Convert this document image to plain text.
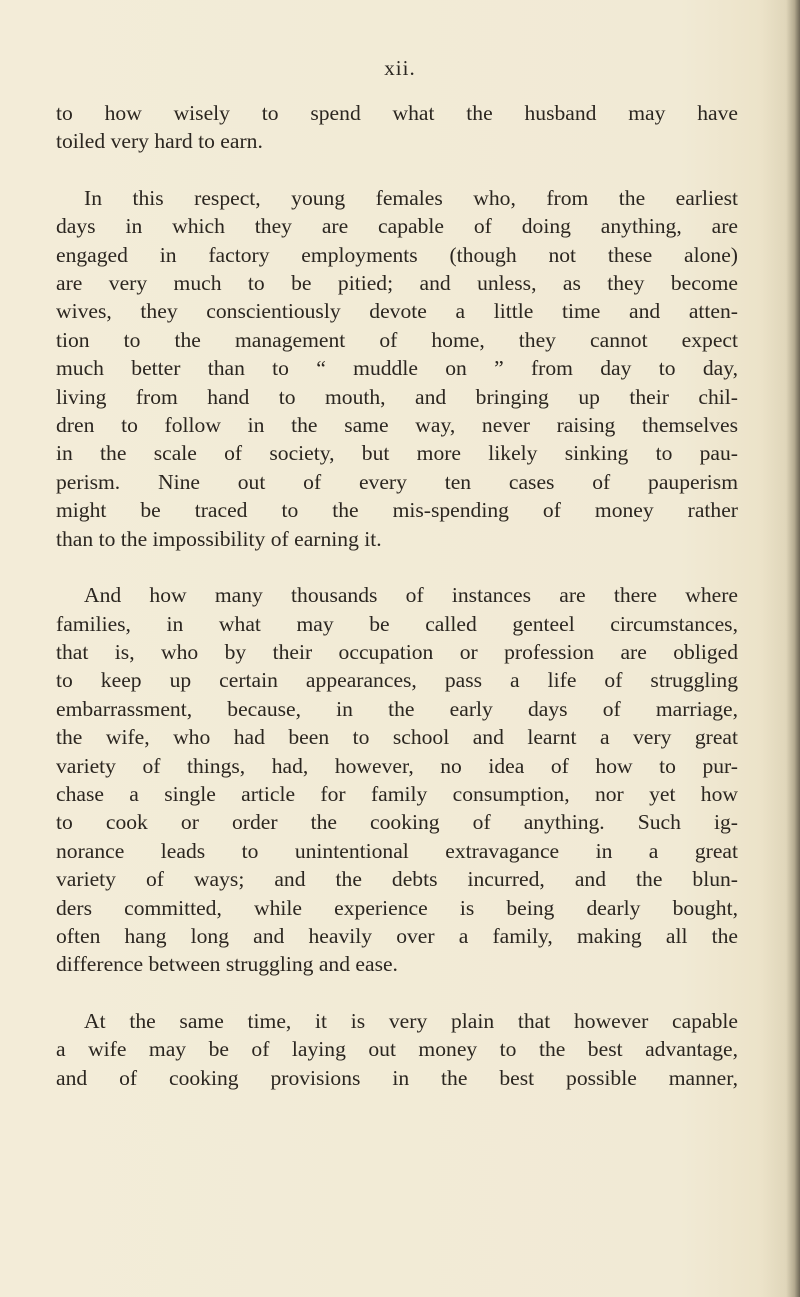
xii.

to how wisely to spend what the husband may have
toiled very hard to earn.

In this respect, young females who, from the earliest
days in which they are capable of doing anything, are
engaged in factory employments (though not these alone)
are very much to be pitied; and unless, as they become
wives, they conscientiously devote a little time and atten-
tion to the management of home, they cannot expect
much better than to “ muddle on ” from day to day,
living from hand to mouth, and bringing up their chil-
dren to follow in the same way, never raising themselves
in the scale of society, but more likely sinking to pau-
perism. Nine out of every ten cases of pauperism
might be traced to the mis-spending of money rather
than to the impossibility of earning it.

And how many thousands of instances are there where
families, in what may be called genteel circumstances,
that is, who by their occupation or profession are obliged
to keep up certain appearances, pass a life of struggling
embarrassment, because, in the early days of marriage,
the wife, who had been to school and learnt a very great
variety of things, had, however, no idea of how to pur-
chase a single article for family consumption, nor yet how
to cook or order the cooking of anything. Such ig-
norance leads to unintentional extravagance in a great
variety of ways; and the debts incurred, and the blun-
ders committed, while experience is being dearly bought,
often hang long and heavily over a family, making all the
difference between struggling and ease.

At the same time, it is very plain that however capable
a wife may be of laying out money to the best advantage,
and of cooking provisions in the best possible manner,
